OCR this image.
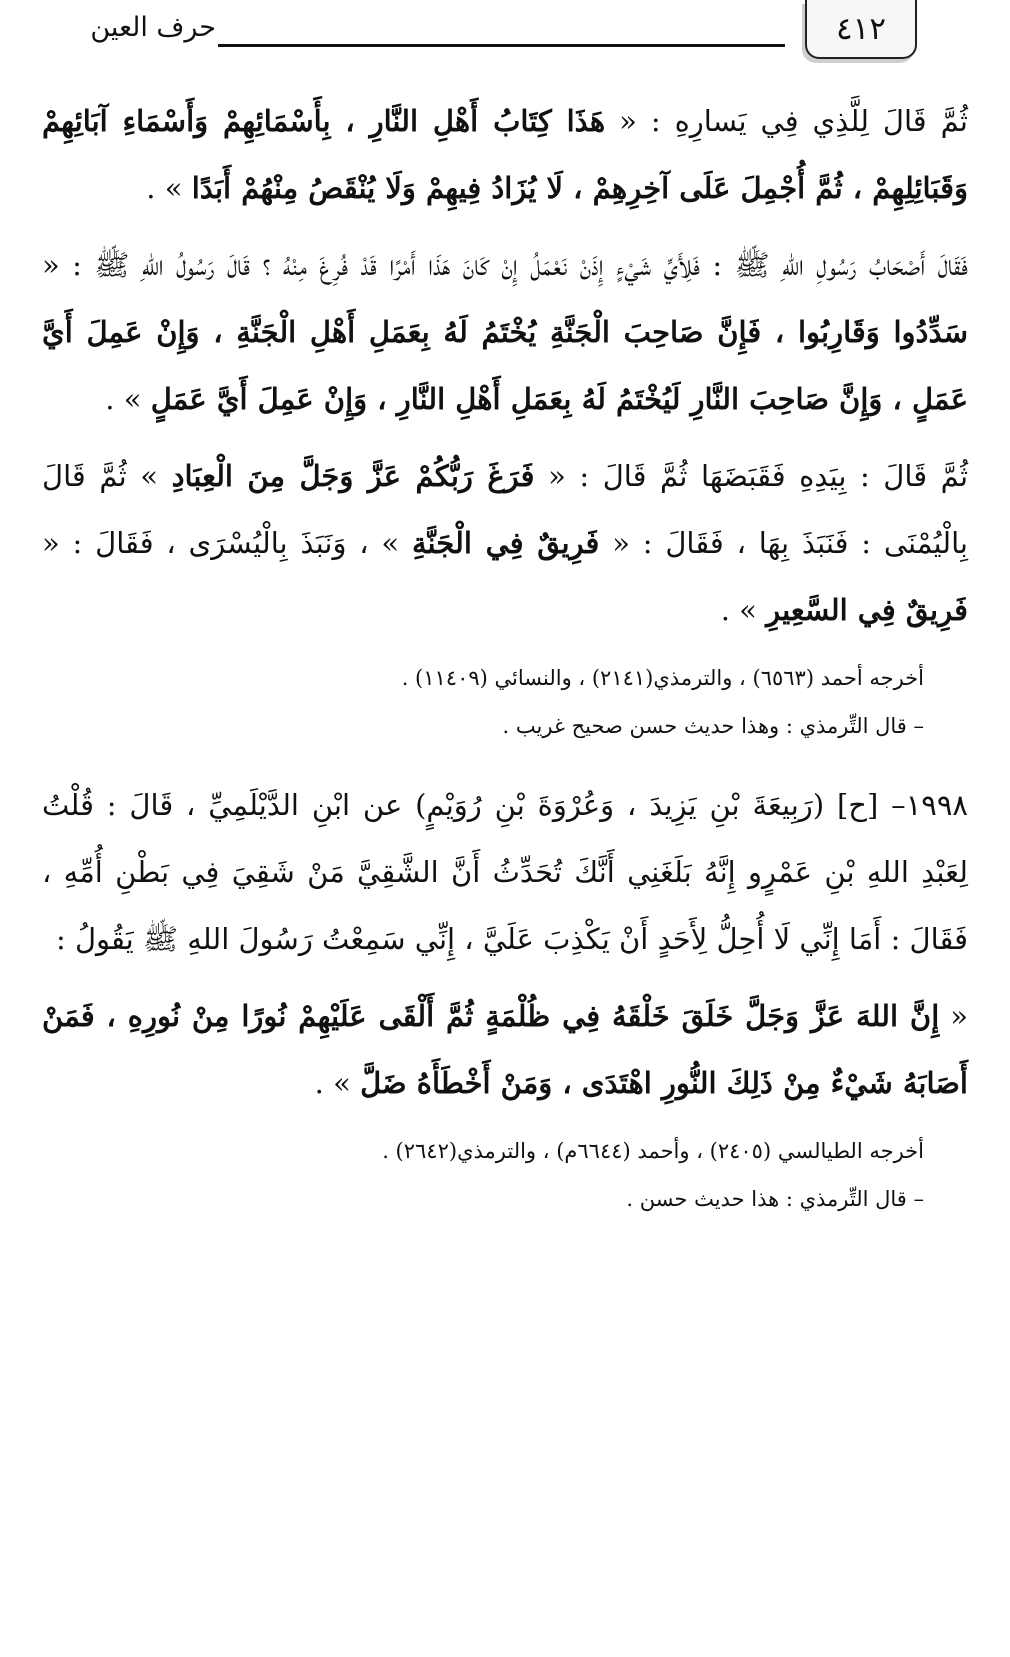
٤١٢
حرف العين

ثُمَّ قَالَ لِلَّذِي فِي يَسارِهِ : « هَذَا كِتَابُ أَهْلِ النَّارِ ، بِأَسْمَائِهِمْ وَأَسْمَاءِ آبَائِهِمْ وَقَبَائِلِهِمْ ، ثُمَّ أُجْمِلَ عَلَى آخِرِهِمْ ، لَا يُزَادُ فِيهِمْ وَلَا يُنْقَصُ مِنْهُمْ أَبَدًا » .

فَقَالَ أَصْحَابُ رَسُولِ اللهِ ﷺ : فَلِأَيِّ شَيْءٍ إِذَنْ نَعْمَلُ إِنْ كَانَ هَذَا أَمْرًا قَدْ فُرِغَ مِنْهُ ؟ قَالَ رَسُولُ اللهِ ﷺ : « سَدِّدُوا وَقَارِبُوا ، فَإِنَّ صَاحِبَ الْجَنَّةِ يُخْتَمُ لَهُ بِعَمَلِ أَهْلِ الْجَنَّةِ ، وَإِنْ عَمِلَ أَيَّ عَمَلٍ ، وَإِنَّ صَاحِبَ النَّارِ لَيُخْتَمُ لَهُ بِعَمَلِ أَهْلِ النَّارِ ، وَإِنْ عَمِلَ أَيَّ عَمَلٍ » .

ثُمَّ قَالَ : بِيَدِهِ فَقَبَضَهَا ثُمَّ قَالَ : « فَرَغَ رَبُّكُمْ عَزَّ وَجَلَّ مِنَ الْعِبَادِ » ثُمَّ قَالَ بِالْيُمْنَى : فَنَبَذَ بِهَا ، فَقَالَ : « فَرِيقٌ فِي الْجَنَّةِ » ، وَنَبَذَ بِالْيُسْرَى ، فَقَالَ : « فَرِيقٌ فِي السَّعِيرِ » .

أخرجه أحمد (٦٥٦٣) ، والترمذي(٢١٤١) ، والنسائي (١١٤٠٩) .
– قال التِّرمذي : وهذا حديث حسن صحيح غريب .

١٩٩٨– [ح] (رَبِيعَةَ بْنِ يَزِيدَ ، وَعُرْوَةَ بْنِ رُوَيْمٍ) عن ابْنِ الدَّيْلَمِيِّ ، قَالَ : قُلْتُ لِعَبْدِ اللهِ بْنِ عَمْرٍو إِنَّهُ بَلَغَنِي أَنَّكَ تُحَدِّثُ أَنَّ الشَّقِيَّ مَنْ شَقِيَ فِي بَطْنِ أُمِّهِ ، فَقَالَ : أَمَا إِنِّي لَا أُحِلُّ لِأَحَدٍ أَنْ يَكْذِبَ عَلَيَّ ، إِنِّي سَمِعْتُ رَسُولَ اللهِ ﷺ يَقُولُ :

« إِنَّ اللهَ عَزَّ وَجَلَّ خَلَقَ خَلْقَهُ فِي ظُلْمَةٍ ثُمَّ أَلْقَى عَلَيْهِمْ نُورًا مِنْ نُورِهِ ، فَمَنْ أَصَابَهُ شَيْءٌ مِنْ ذَلِكَ النُّورِ اهْتَدَى ، وَمَنْ أَخْطَأَهُ ضَلَّ » .

أخرجه الطيالسي (٢٤٠٥) ، وأحمد (٦٦٤٤م) ، والترمذي(٢٦٤٢) .
– قال التِّرمذي : هذا حديث حسن .
